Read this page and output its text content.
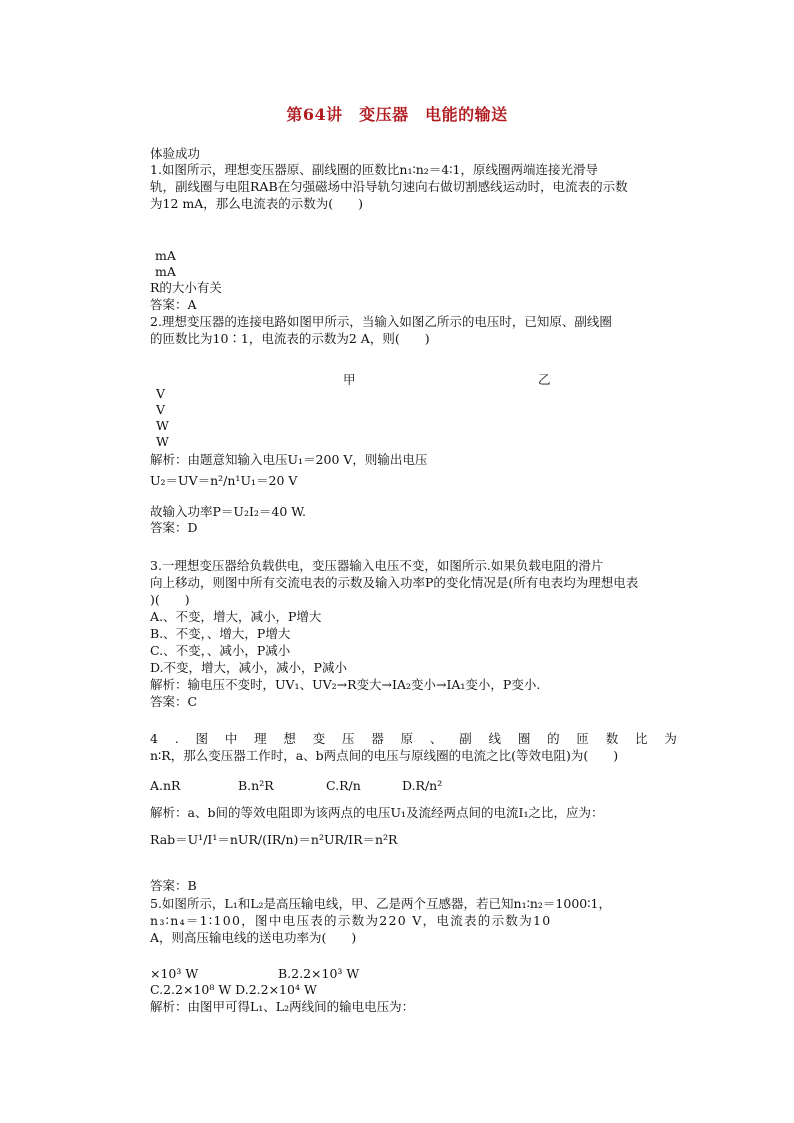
第64讲　变压器　电能的输送
体验成功
1.如图所示，理想变压器原、副线圈的匝数比n₁∶n₂＝4∶1，原线圈两端连接光滑导
轨，副线圈与电阻RAB在匀强磁场中沿导轨匀速向右做切割感线运动时，电流表的示数
为12 mA，那么电流表的示数为(　　)
mA
mA
R的大小有关
答案：A
2.理想变压器的连接电路如图甲所示，当输入如图乙所示的电压时，已知原、副线圈
的匝数比为10∶1，电流表的示数为2 A，则(　　)
甲	乙
V
V
W
W
解析：由题意知输入电压U₁＝200 V，则输出电压
U₂＝UV＝n²/n¹U₁＝20 V
故输入功率P＝U₂I₂＝40 W.
答案：D
3.一理想变压器给负载供电，变压器输入电压不变，如图所示.如果负载电阻的滑片
向上移动，则图中所有交流电表的示数及输入功率P的变化情况是(所有电表均为理想电表
)(　　)
A.、不变，增大，减小，P增大
B.、不变，、增大，P增大
C.、不变，、减小，P减小
D.不变，增大，减小，减小，P减小
解析：输电压不变时，UV₁、UV₂→R变大→IA₂变小→IA₁变小，P变小.
答案：C
4.图中理想变压器原、副线圈的匝数比为
n∶R，那么变压器工作时，a、b两点间的电压与原线圈的电流之比(等效电阻)为(　　)
A.nR	B.n²R	C.R/n	D.R/n²
解析：a、b间的等效电阻即为该两点的电压U₁及流经两点间的电流I₁之比，应为：
Rab＝U¹/I¹＝nUR/(IR/n)＝n²UR/IR＝n²R
答案：B
5.如图所示，L₁和L₂是高压输电线，甲、乙是两个互感器，若已知n₁∶n₂＝1000∶1，
n₃∶n₄＝1∶100，图中电压表的示数为220 V，电流表的示数为10
A，则高压输电线的送电功率为(　　)
×10³ W	B.2.2×10³ W
C.2.2×10⁸ W D.2.2×10⁴ W
解析：由图甲可得L₁、L₂两线间的输电电压为：
